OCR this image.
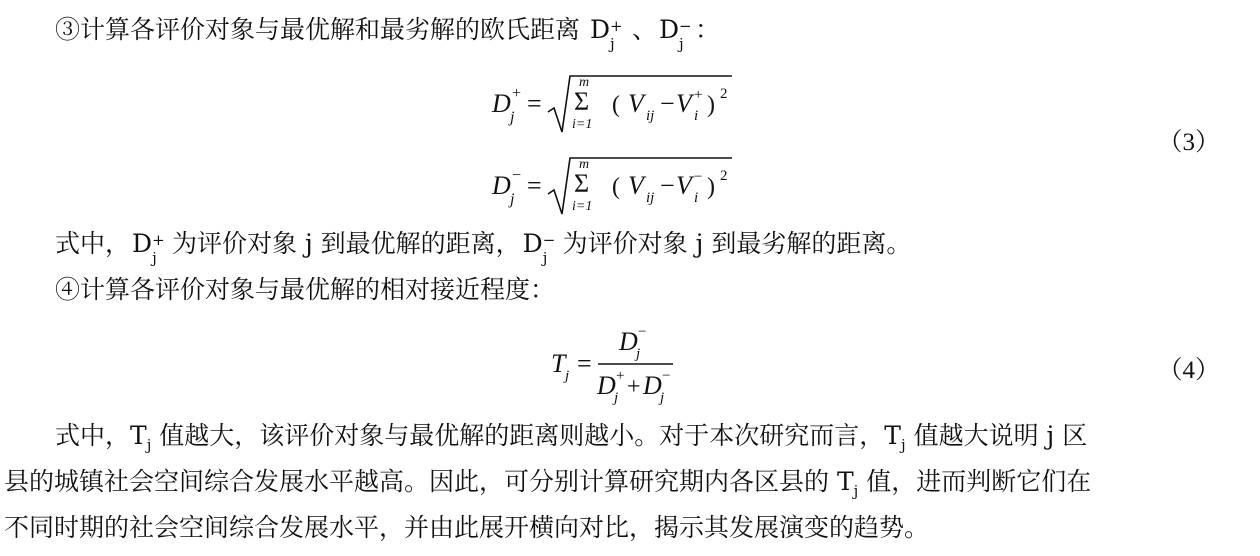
③计算各评价对象与最优解和最劣解的欧氏距离 D +
j 、D −
j ：
D +
j =
m
Σ
i=1
( V ij − V +
i ) 2
D −
j =
m
Σ
i=1
( V ij − V −
i ) 2
（3）
式中，D +
j 为评价对象 j 到最优解的距离，D −
j 为评价对象 j 到最劣解的距离。
④计算各评价对象与最优解的相对接近程度：
T j =
D −
j
D +
j + D −
j
（4）
式中，$T_j$ 值越大，该评价对象与最优解的距离则越小。对于本次研究而言，$T_j$ 值越大说明 j 区
县的城镇社会空间综合发展水平越高。因此，可分别计算研究期内各区县的 $T_j$ 值，进而判断它们在
不同时期的社会空间综合发展水平，并由此展开横向对比，揭示其发展演变的趋势。
